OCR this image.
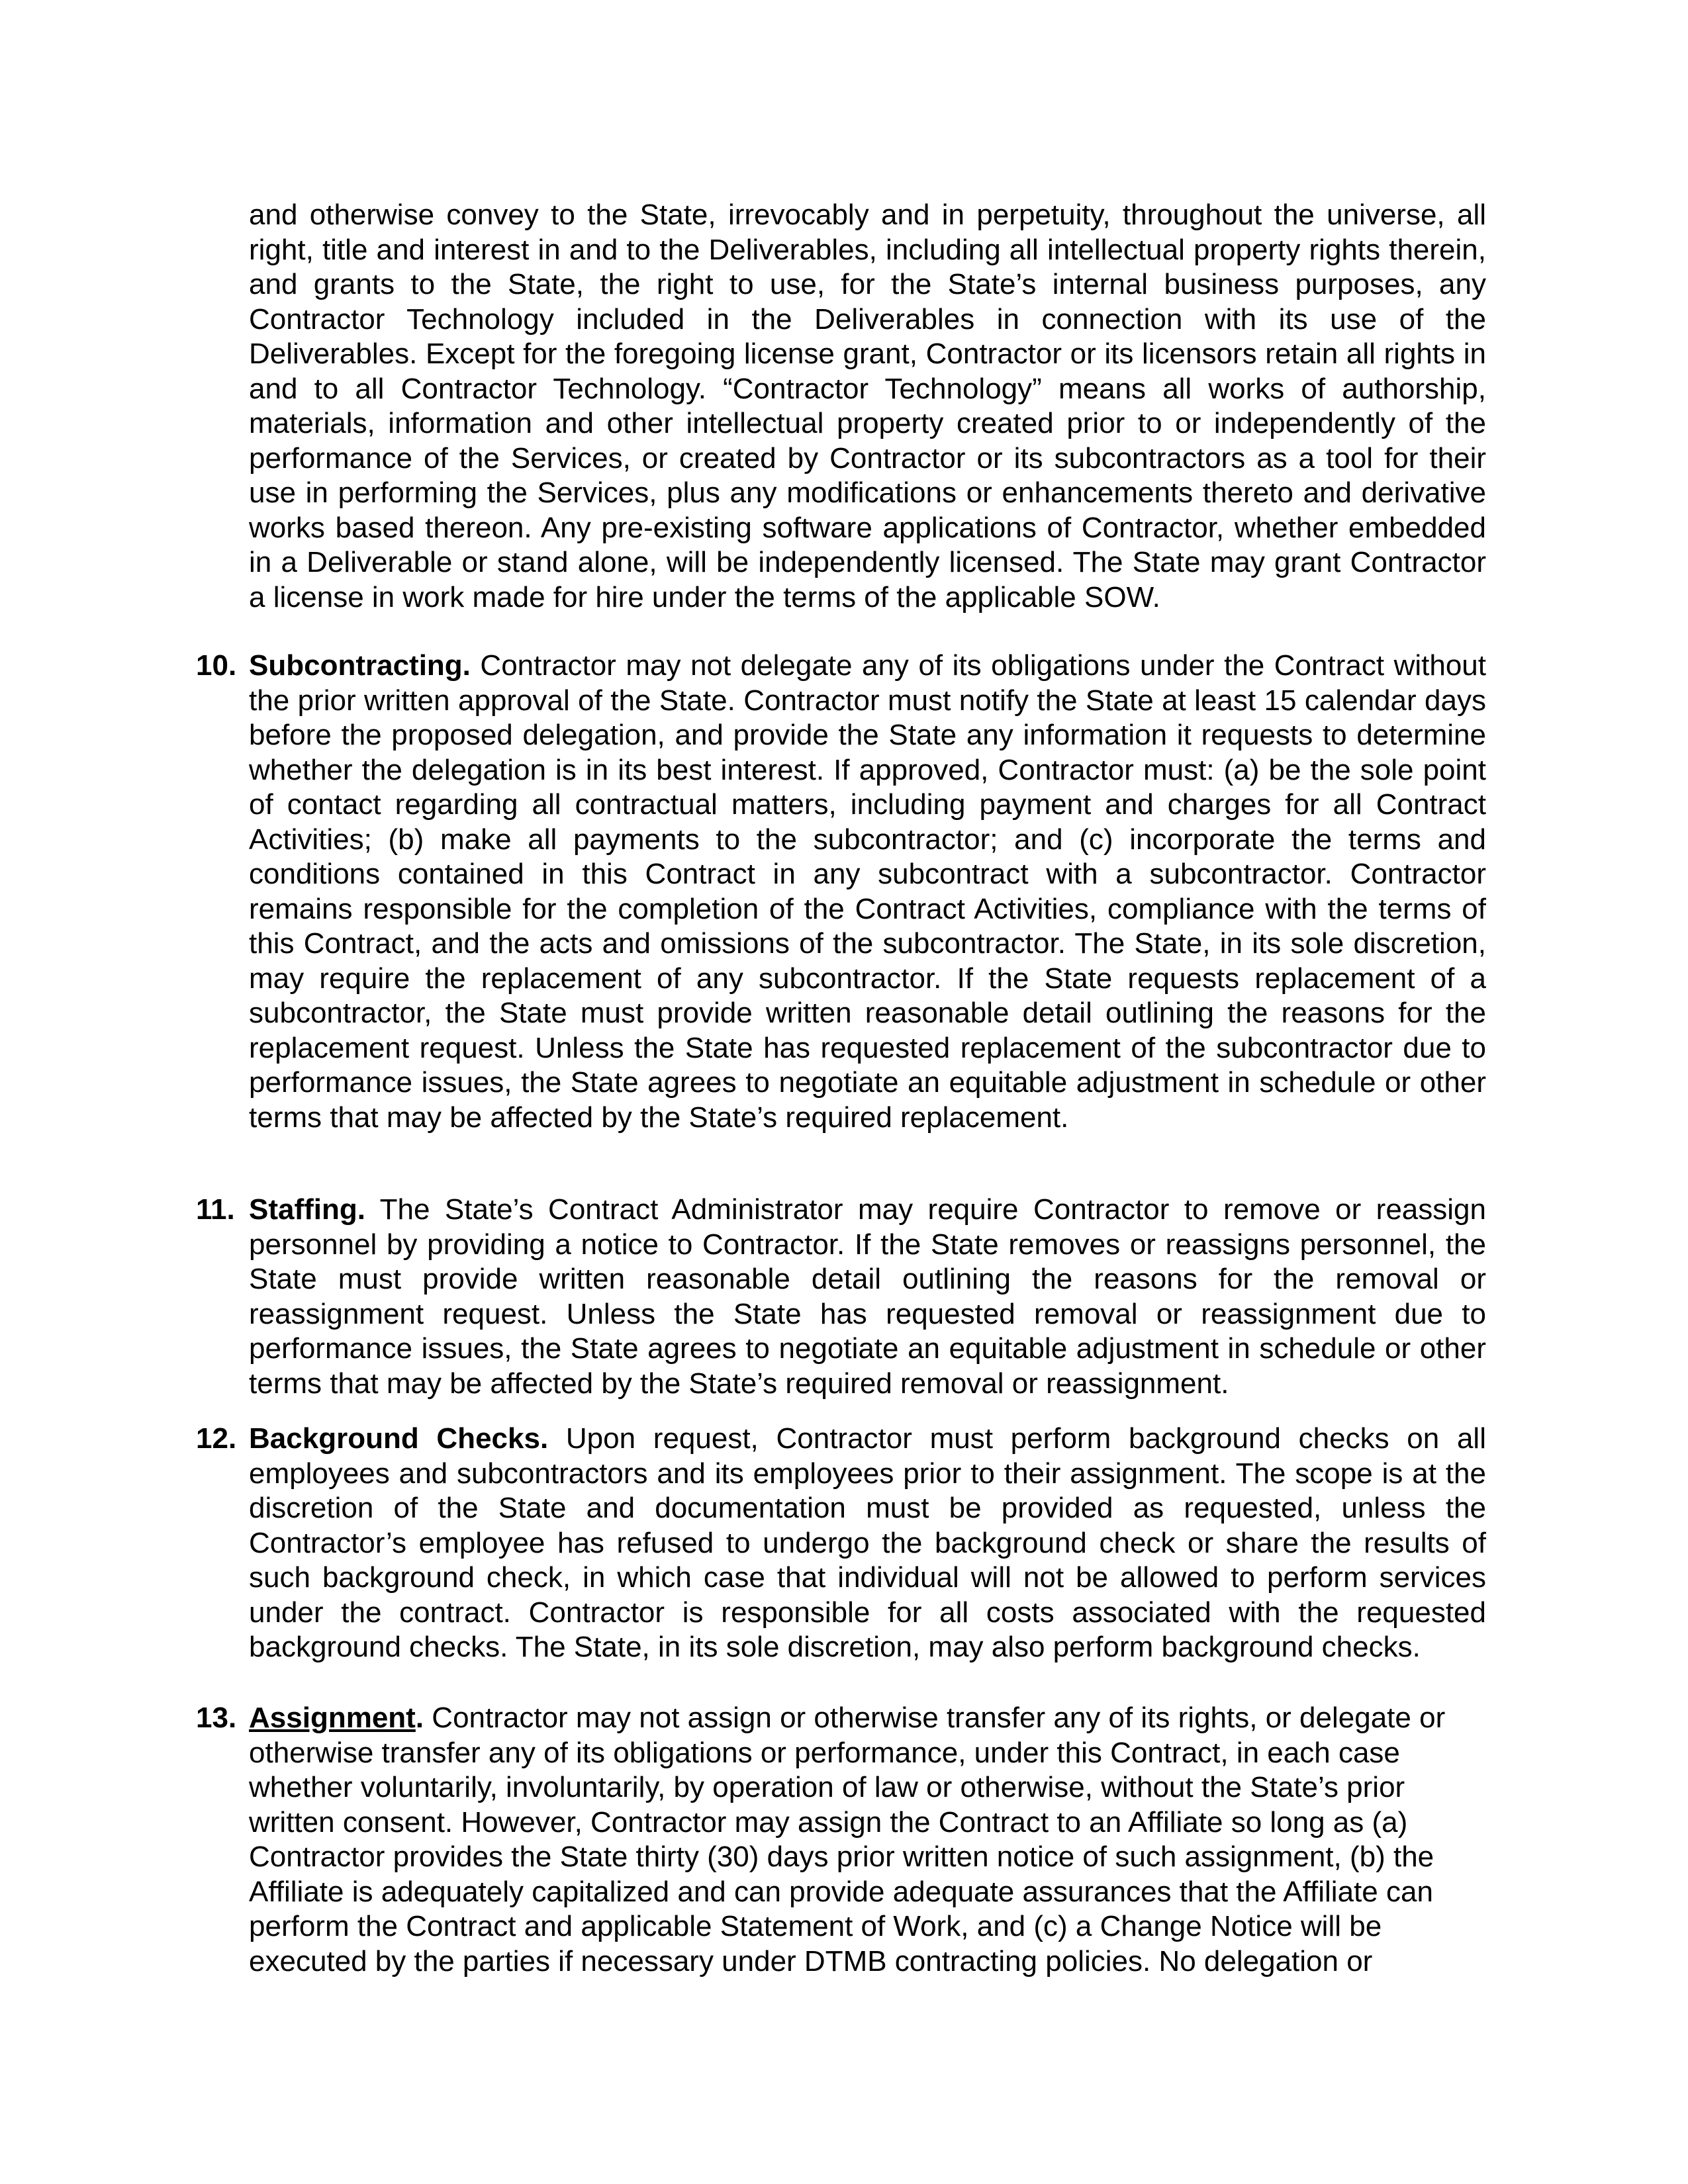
and otherwise convey to the State, irrevocably and in perpetuity, throughout the universe, all right, title and interest in and to the Deliverables, including all intellectual property rights therein, and grants to the State, the right to use, for the State’s internal business purposes, any Contractor Technology included in the Deliverables in connection with its use of the Deliverables. Except for the foregoing license grant, Contractor or its licensors retain all rights in and to all Contractor Technology. “Contractor Technology” means all works of authorship, materials, information and other intellectual property created prior to or independently of the performance of the Services, or created by Contractor or its subcontractors as a tool for their use in performing the Services, plus any modifications or enhancements thereto and derivative works based thereon. Any pre-existing software applications of Contractor, whether embedded in a Deliverable or stand alone, will be independently licensed. The State may grant Contractor a license in work made for hire under the terms of the applicable SOW.

10. Subcontracting. Contractor may not delegate any of its obligations under the Contract without the prior written approval of the State. Contractor must notify the State at least 15 calendar days before the proposed delegation, and provide the State any information it requests to determine whether the delegation is in its best interest. If approved, Contractor must: (a) be the sole point of contact regarding all contractual matters, including payment and charges for all Contract Activities; (b) make all payments to the subcontractor; and (c) incorporate the terms and conditions contained in this Contract in any subcontract with a subcontractor. Contractor remains responsible for the completion of the Contract Activities, compliance with the terms of this Contract, and the acts and omissions of the subcontractor. The State, in its sole discretion, may require the replacement of any subcontractor. If the State requests replacement of a subcontractor, the State must provide written reasonable detail outlining the reasons for the replacement request. Unless the State has requested replacement of the subcontractor due to performance issues, the State agrees to negotiate an equitable adjustment in schedule or other terms that may be affected by the State’s required replacement.

11. Staffing. The State’s Contract Administrator may require Contractor to remove or reassign personnel by providing a notice to Contractor. If the State removes or reassigns personnel, the State must provide written reasonable detail outlining the reasons for the removal or reassignment request. Unless the State has requested removal or reassignment due to performance issues, the State agrees to negotiate an equitable adjustment in schedule or other terms that may be affected by the State’s required removal or reassignment.

12. Background Checks. Upon request, Contractor must perform background checks on all employees and subcontractors and its employees prior to their assignment. The scope is at the discretion of the State and documentation must be provided as requested, unless the Contractor’s employee has refused to undergo the background check or share the results of such background check, in which case that individual will not be allowed to perform services under the contract. Contractor is responsible for all costs associated with the requested background checks. The State, in its sole discretion, may also perform background checks.

13. Assignment. Contractor may not assign or otherwise transfer any of its rights, or delegate or otherwise transfer any of its obligations or performance, under this Contract, in each case whether voluntarily, involuntarily, by operation of law or otherwise, without the State’s prior written consent. However, Contractor may assign the Contract to an Affiliate so long as (a) Contractor provides the State thirty (30) days prior written notice of such assignment, (b) the Affiliate is adequately capitalized and can provide adequate assurances that the Affiliate can perform the Contract and applicable Statement of Work, and (c) a Change Notice will be executed by the parties if necessary under DTMB contracting policies. No delegation or
